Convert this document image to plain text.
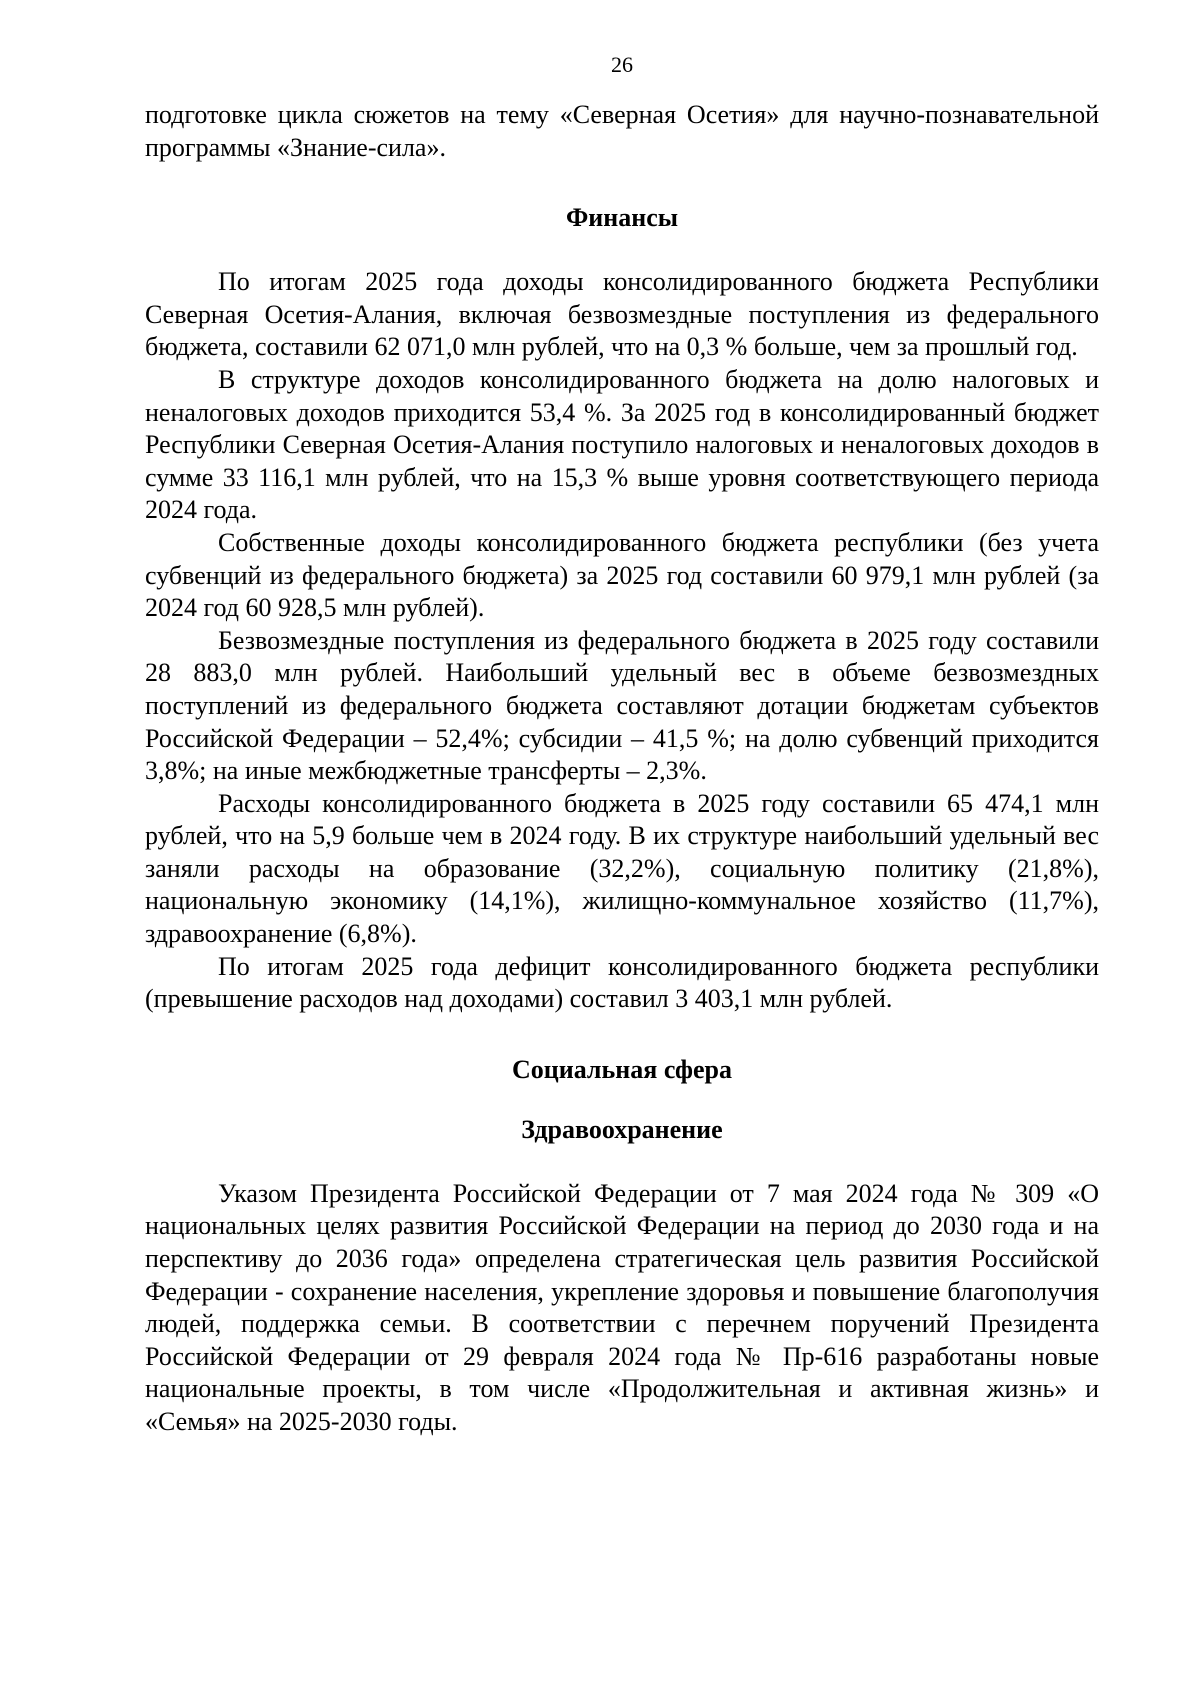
26

подготовке цикла сюжетов на тему «Северная Осетия» для научно-познавательной программы «Знание-сила».

Финансы

По итогам 2025 года доходы консолидированного бюджета Республики Северная Осетия-Алания, включая безвозмездные поступления из федерального бюджета, составили 62 071,0 млн рублей, что на 0,3 % больше, чем за прошлый год.

В структуре доходов консолидированного бюджета на долю налоговых и неналоговых доходов приходится 53,4 %. За 2025 год в консолидированный бюджет Республики Северная Осетия-Алания поступило налоговых и неналоговых доходов в сумме 33 116,1 млн рублей, что на 15,3 % выше уровня соответствующего периода 2024 года.

Собственные доходы консолидированного бюджета республики (без учета субвенций из федерального бюджета) за 2025 год составили 60 979,1 млн рублей (за 2024 год 60 928,5 млн рублей).

Безвозмездные поступления из федерального бюджета в 2025 году составили 28 883,0 млн рублей. Наибольший удельный вес в объеме безвозмездных поступлений из федерального бюджета составляют дотации бюджетам субъектов Российской Федерации – 52,4%; субсидии – 41,5 %; на долю субвенций приходится 3,8%; на иные межбюджетные трансферты – 2,3%.

Расходы консолидированного бюджета в 2025 году составили 65 474,1 млн рублей, что на 5,9 больше чем в 2024 году. В их структуре наибольший удельный вес заняли расходы на образование (32,2%), социальную политику (21,8%), национальную экономику (14,1%), жилищно-коммунальное хозяйство (11,7%), здравоохранение (6,8%).

По итогам 2025 года дефицит консолидированного бюджета республики (превышение расходов над доходами) составил 3 403,1 млн рублей.

Социальная сфера
Здравоохранение

Указом Президента Российской Федерации от 7 мая 2024 года № 309 «О национальных целях развития Российской Федерации на период до 2030 года и на перспективу до 2036 года» определена стратегическая цель развития Российской Федерации - сохранение населения, укрепление здоровья и повышение благополучия людей, поддержка семьи. В соответствии с перечнем поручений Президента Российской Федерации от 29 февраля 2024 года № Пр-616 разработаны новые национальные проекты, в том числе «Продолжительная и активная жизнь» и «Семья» на 2025-2030 годы.
